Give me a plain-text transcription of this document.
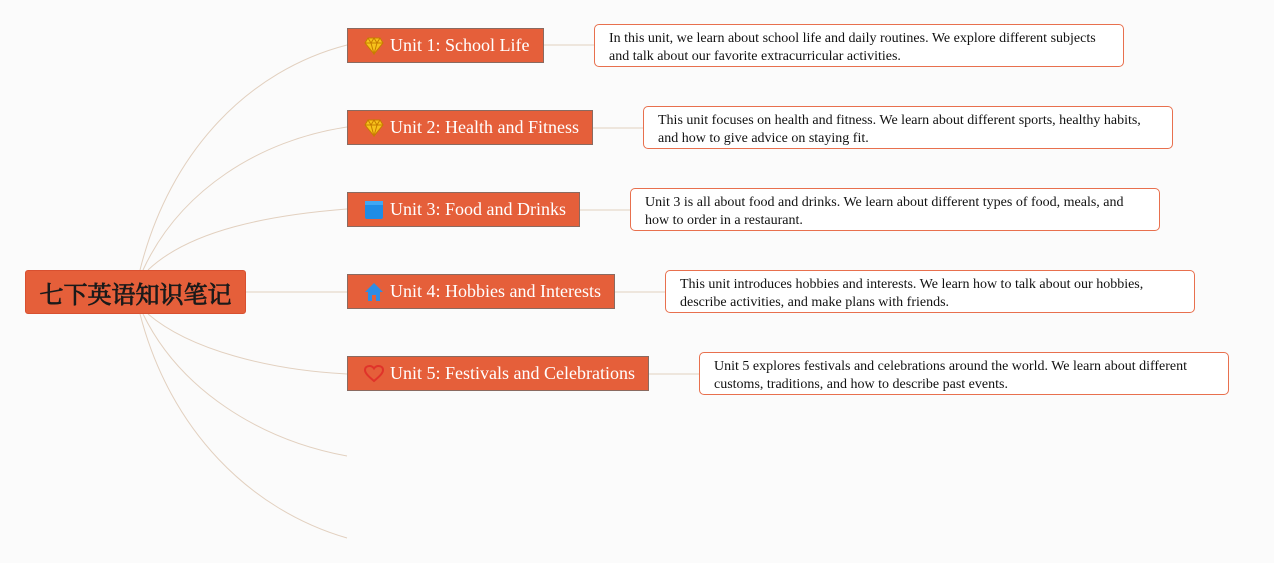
七下英语知识笔记
Unit 1: School Life	In this unit, we learn about school life and daily routines. We explore different subjects and talk about our favorite extracurricular activities.
Unit 2: Health and Fitness	This unit focuses on health and fitness. We learn about different sports, healthy habits, and how to give advice on staying fit.
Unit 3: Food and Drinks	Unit 3 is all about food and drinks. We learn about different types of food, meals, and how to order in a restaurant.
Unit 4: Hobbies and Interests	This unit introduces hobbies and interests. We learn how to talk about our hobbies, describe activities, and make plans with friends.
Unit 5: Festivals and Celebrations	Unit 5 explores festivals and celebrations around the world. We learn about different customs, traditions, and how to describe past events.
